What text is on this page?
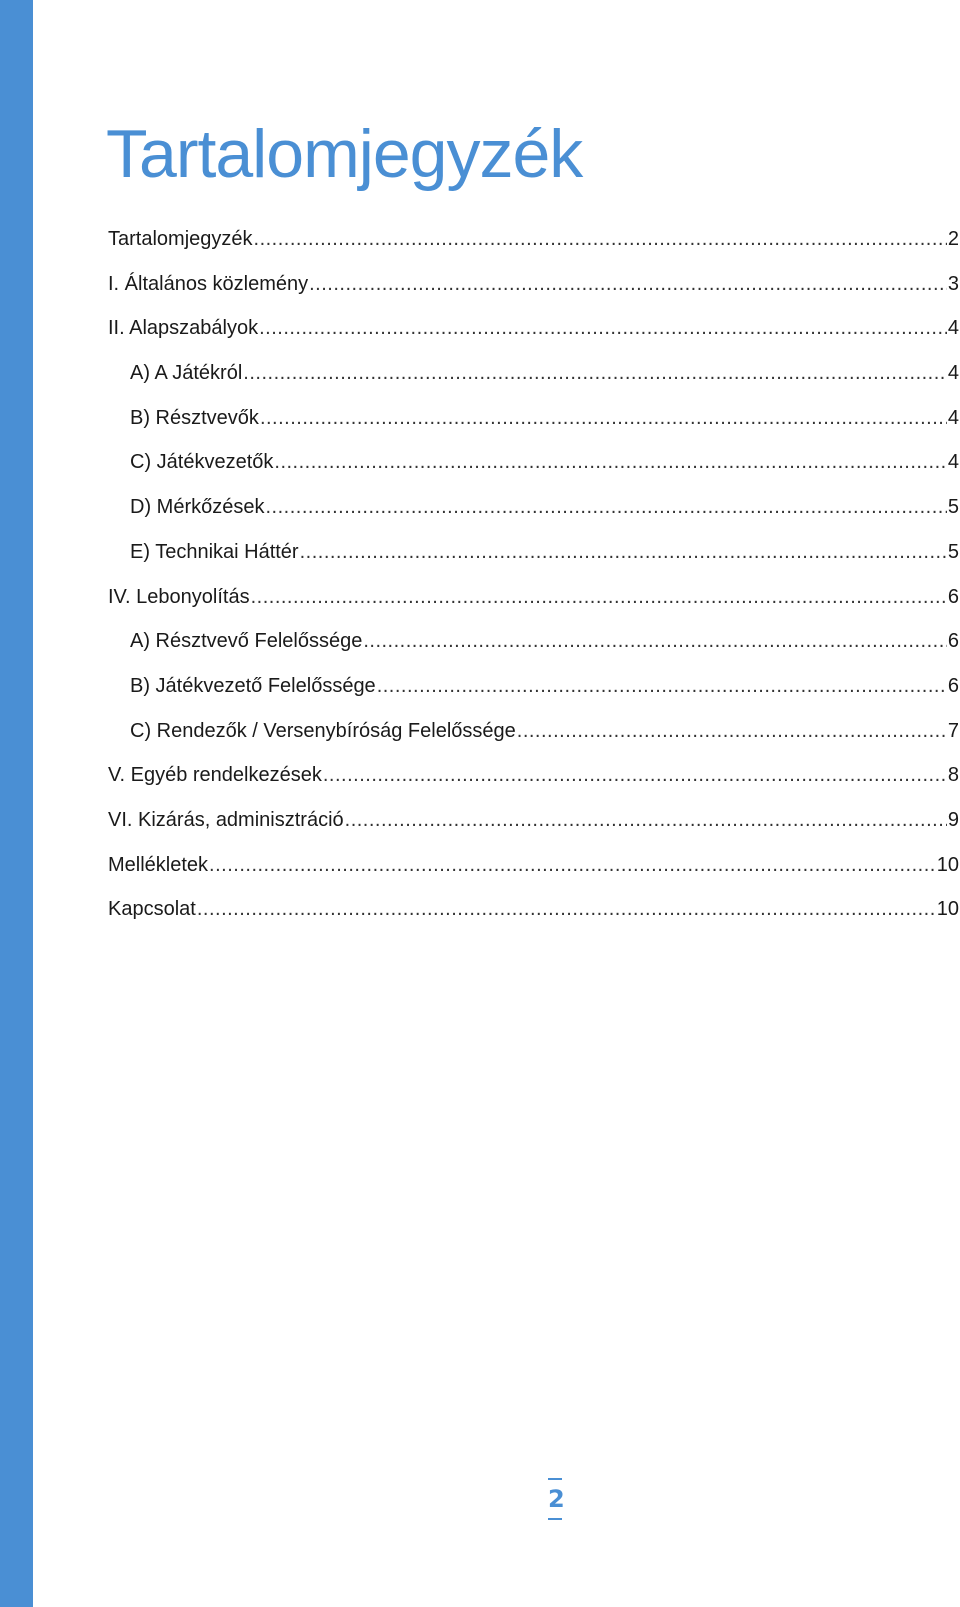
Tartalomjegyzék
Tartalomjegyzék .....	2
I. Általános közlemény .....	3
II. Alapszabályok .....	4
A) A Játékról .....	4
B) Résztvevők .....	4
C) Játékvezetők .....	4
D) Mérkőzések .....	5
E) Technikai Háttér .....	5
IV. Lebonyolítás .....	6
A) Résztvevő Felelőssége .....	6
B) Játékvezető Felelőssége .....	6
C) Rendezők / Versenybíróság Felelőssége .....	7
V. Egyéb rendelkezések .....	8
VI. Kizárás, adminisztráció .....	9
Mellékletek .....	10
Kapcsolat .....	10
2
